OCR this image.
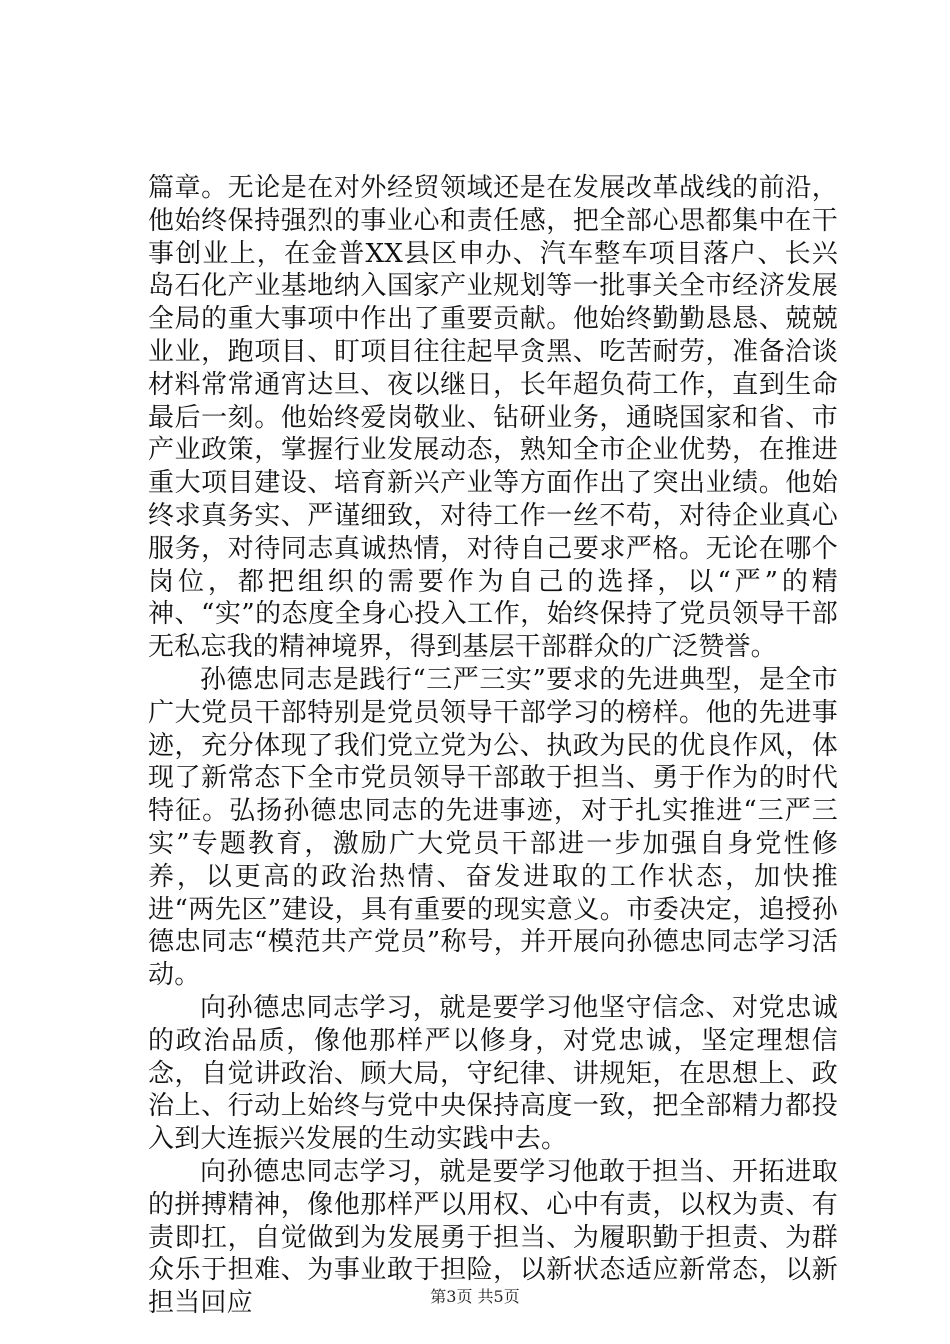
篇章。无论是在对外经贸领域还是在发展改革战线的前沿，他始终保持强烈的事业心和责任感，把全部心思都集中在干事创业上，在金普XX县区申办、汽车整车项目落户、长兴岛石化产业基地纳入国家产业规划等一批事关全市经济发展全局的重大事项中作出了重要贡献。他始终勤勤恳恳、兢兢业业，跑项目、盯项目往往起早贪黑、吃苦耐劳，准备洽谈材料常常通宵达旦、夜以继日，长年超负荷工作，直到生命最后一刻。他始终爱岗敬业、钻研业务，通晓国家和省、市产业政策，掌握行业发展动态，熟知全市企业优势，在推进重大项目建设、培育新兴产业等方面作出了突出业绩。他始终求真务实、严谨细致，对待工作一丝不苟，对待企业真心服务，对待同志真诚热情，对待自己要求严格。无论在哪个岗位，都把组织的需要作为自己的选择，以“严”的精神、“实”的态度全身心投入工作，始终保持了党员领导干部无私忘我的精神境界，得到基层干部群众的广泛赞誉。

孙德忠同志是践行“三严三实”要求的先进典型，是全市广大党员干部特别是党员领导干部学习的榜样。他的先进事迹，充分体现了我们党立党为公、执政为民的优良作风，体现了新常态下全市党员领导干部敢于担当、勇于作为的时代特征。弘扬孙德忠同志的先进事迹，对于扎实推进“三严三实”专题教育，激励广大党员干部进一步加强自身党性修养，以更高的政治热情、奋发进取的工作状态，加快推进“两先区”建设，具有重要的现实意义。市委决定，追授孙德忠同志“模范共产党员”称号，并开展向孙德忠同志学习活动。

向孙德忠同志学习，就是要学习他坚守信念、对党忠诚的政治品质，像他那样严以修身，对党忠诚，坚定理想信念，自觉讲政治、顾大局，守纪律、讲规矩，在思想上、政治上、行动上始终与党中央保持高度一致，把全部精力都投入到大连振兴发展的生动实践中去。

向孙德忠同志学习，就是要学习他敢于担当、开拓进取的拼搏精神，像他那样严以用权、心中有责，以权为责、有责即扛，自觉做到为发展勇于担当、为履职勤于担责、为群众乐于担难、为事业敢于担险，以新状态适应新常态，以新担当回应	第3页 共5页
